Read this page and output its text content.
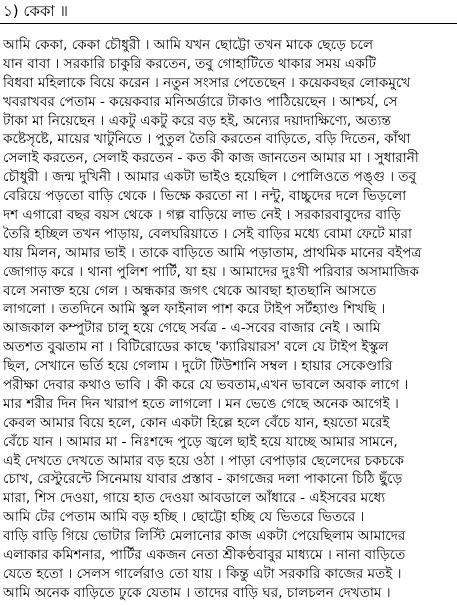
১) কেকা ॥
আমি কেকা, কেকা চৌধুরী । আমি যখন ছোট্টো তখন মাকে ছেড়ে চলে
যান বাবা । সরকারি চাকুরি করতেন, তবু গোহাটিতে থাকার সময় একটি
বিধবা মহিলাকে বিয়ে করেন । নতুন সংসার পেতেছেন । কয়েকবছর লোকমুখে
খবরাখবর পেতাম - কয়েকবার মনিঅর্ডারে টাকাও পাঠিয়েছেন । আশ্চর্য, সে
টাকা মা নিয়েছেন । একটু একটু করে বড় হই, অন্যের দয়াদাক্ষিণ্যে, অত্যন্ত
কষ্টেসৃষ্টে, মায়ের খাটুনিতে । পুতুল তৈরি করতেন বাড়িতে, বড়ি দিতেন, কাঁথা
সেলাই করতেন, সেলাই করতেন - কত কী কাজ জানতেন আমার মা । সুধারানী
চৌধুরী । জন্ম দুখিনী । আমার একটা ভাইও হয়েছিল । পোলিওতে পঙ্গু । তবু
বেরিয়ে পড়তো বাড়ি থেকে । ভিক্ষে করতো না । নন্টু, বাচ্চুদের দলে ভিড়লো
দশ এগারো বছর বয়স থেকে । গল্প বাড়িয়ে লাভ নেই । সরকারবাবুদের বাড়ি
তৈরি হচ্ছিল তখন পাড়ায়, বেলঘরিয়াতে । সেই বাড়ির মধ্যে বোমা ফেটে মারা
যায় মিলন, আমার ভাই । তাকে বাড়িতে আমি পড়াতাম, প্রাথমিক মানের বইপত্র
জোগাড় করে । থানা পুলিশ পার্টি, যা হয় । আমাদের দুঃখী পরিবার অসামাজিক
বলে সনাক্ত হয়ে গেল । অন্ধকার জগৎ থেকে আবছা হাতছানি আসতে
লাগলো । ততদিনে আমি স্কুল ফাইনাল পাশ করে টাইপ সর্টহ্যাণ্ড শিখছি ।
আজকাল কম্পুটার চালু হয়ে গেছে সর্বত্র - এ-সবের বাজার নেই । আমি
অতশত বুঝতাম না । বিটিরোডের কাছে 'ক্যারিয়ারস' বলে যে টাইপ ইস্কুল
ছিল, সেখানে ভর্তি হয়ে গেলাম । দুটো টিউশানি সম্বল । হায়ার সেকেণ্ডারি
পরীক্ষা দেবার কথাও ভাবি । কী করে যে ভবতাম,এখন ভাবলে অবাক লাগে ।
মার শরীর দিন দিন খারাপ হতে লাগলো । মন ভেঙে গেছে অনেক আগেই ।
কেবল আমার বিয়ে হলে, কোন একটা হিল্লে হলে বেঁচে যান, হয়তো মরেই
বেঁচে যান । আমার মা - নিঃশব্দে পুড়ে জ্বলে ছাই হয়ে যাচ্ছে আমার সামনে,
এই দেখতে দেখতে আমার বড় হয়ে ওঠা । পাড়া বেপাড়ার ছেলেদের চকচকে
চোখ, রেস্টুরেন্টে সিনেমায় যাবার প্রস্তাব - কাগজের দলা পাকানো চিঠি ছুঁড়ে
মারা, শিস দেওয়া, গায়ে হাত দেওয়া আবডালে আঁধারে - এইসবের মধ্যে
আমি টের পেতাম আমি বড় হচ্ছি । ছোট্টো হচ্ছি যে ভিতরে ভিতরে ।
বাড়ি বাড়ি গিয়ে ভোটার লিস্টি মেলানোর কাজ একটা পেয়েছিলাম আমাদের
এলাকার কমিশনার, পার্টির একজন নেতা শ্রীকণ্ঠবাবুর মাধ্যমে । নানা বাড়িতে
যেতে হতো । সেলস গার্লেরাও তো যায় । কিন্তু এটা সরকারি কাজের মতই ।
আমি অনেক বাড়িতে ঢুকে যেতাম । তাদের বাড়ি ঘর, চালচলন দেখতাম ।
